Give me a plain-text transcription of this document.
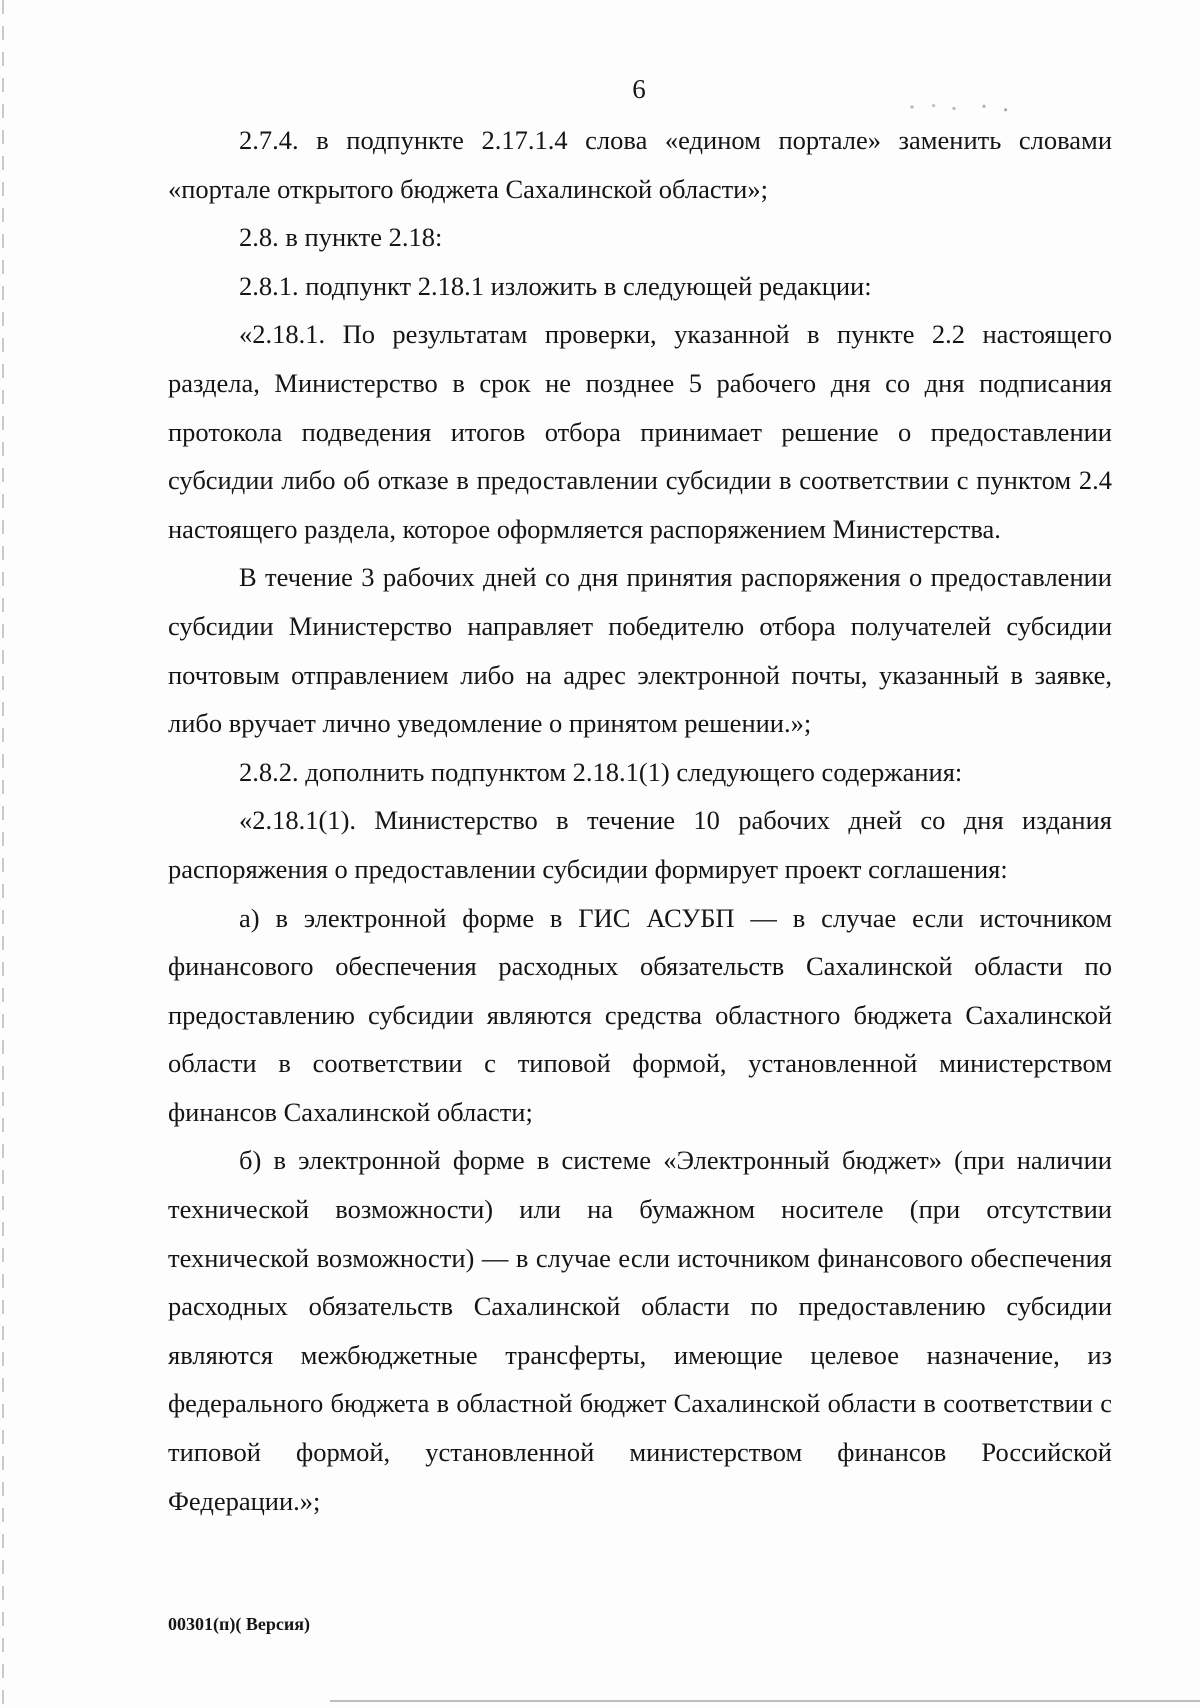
6

2.7.4. в подпункте 2.17.1.4 слова «едином портале» заменить словами «портале открытого бюджета Сахалинской области»;

2.8. в пункте 2.18:

2.8.1. подпункт 2.18.1 изложить в следующей редакции:

«2.18.1. По результатам проверки, указанной в пункте 2.2 настоящего раздела, Министерство в срок не позднее 5 рабочего дня со дня подписания протокола подведения итогов отбора принимает решение о предоставлении субсидии либо об отказе в предоставлении субсидии в соответствии с пунктом 2.4 настоящего раздела, которое оформляется распоряжением Министерства.

В течение 3 рабочих дней со дня принятия распоряжения о предоставлении субсидии Министерство направляет победителю отбора получателей субсидии почтовым отправлением либо на адрес электронной почты, указанный в заявке, либо вручает лично уведомление о принятом решении.»;

2.8.2. дополнить подпунктом 2.18.1(1) следующего содержания:

«2.18.1(1). Министерство в течение 10 рабочих дней со дня издания распоряжения о предоставлении субсидии формирует проект соглашения:

а) в электронной форме в ГИС АСУБП — в случае если источником финансового обеспечения расходных обязательств Сахалинской области по предоставлению субсидии являются средства областного бюджета Сахалинской области в соответствии с типовой формой, установленной министерством финансов Сахалинской области;

б) в электронной форме в системе «Электронный бюджет» (при наличии технической возможности) или на бумажном носителе (при отсутствии технической возможности) — в случае если источником финансового обеспечения расходных обязательств Сахалинской области по предоставлению субсидии являются межбюджетные трансферты, имеющие целевое назначение, из федерального бюджета в областной бюджет Сахалинской области в соответствии с типовой формой, установленной министерством финансов Российской Федерации.»;

00301(п)( Версия)
